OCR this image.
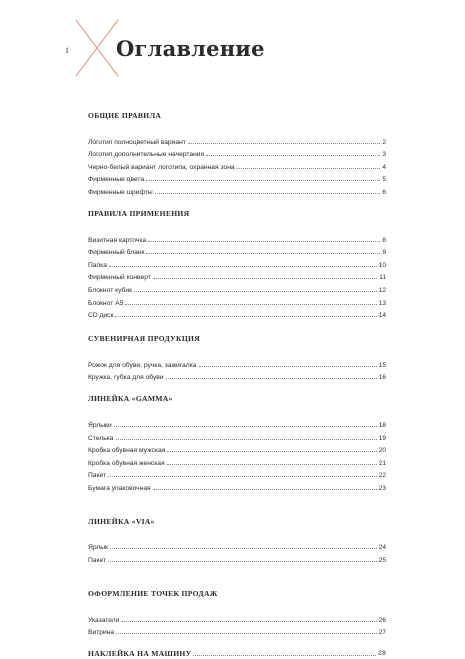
1 Оглавление
ОБЩИЕ ПРАВИЛА
Логотип полноцветный вариант	2
Логотип дополнительные начертания	3
Черно-белый вариант логотипа, охранная зона	4
Фирменные цвета	5
Фирменные шрифты	6
ПРАВИЛА ПРИМЕНЕНИЯ
Визитная карточка	8
Фирменный бланк	9
Папка	10
Фирменный конверт	11
Блокнот кубик	12
Блокнот А5	13
CD диск	14
СУВЕНИРНАЯ ПРОДУКЦИЯ
Рожок для обуви, ручка, зажигалка	15
Кружка, губка для обуви	16
ЛИНЕЙКА «GAMMA»
Ярлыки	18
Стелька	19
Кробка обувная мужская	20
Кробка обувная женская	21
Пакет	22
Бумага упаковочная	23
ЛИНЕЙКА «VIA»
Ярлык	24
Пакет	25
ОФОРМЛЕНИЕ ТОЧЕК ПРОДАЖ
Указатели	26
Витрина	27
НАКЛЕЙКА НА МАШИНУ	28
